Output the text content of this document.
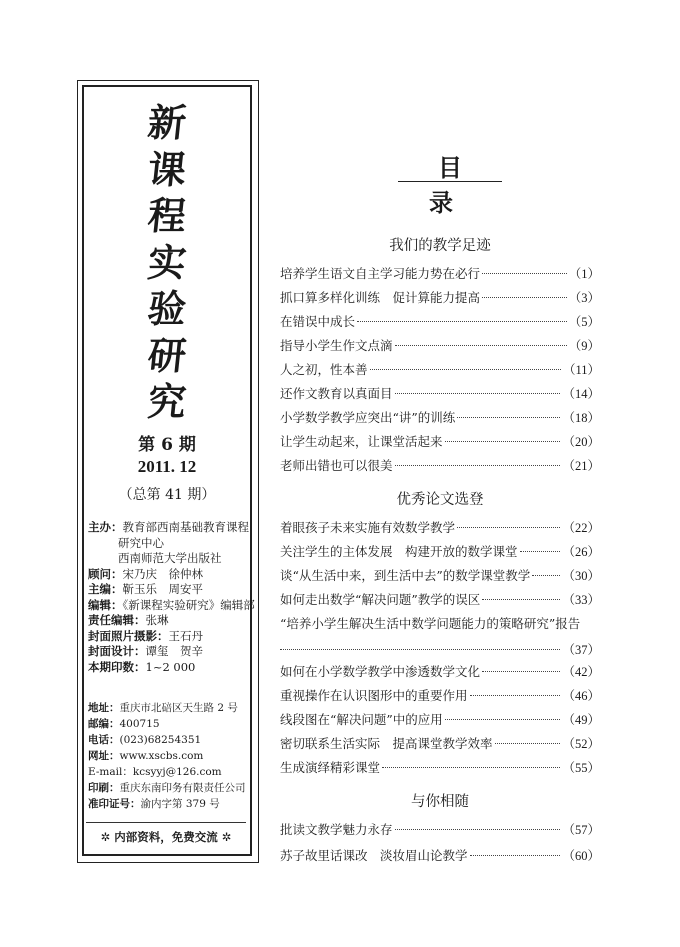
新
课
程
实
验
研
究
第 6 期
2011. 12
（总第 41 期）
主办：教育部西南基础教育课程
研究中心
西南师范大学出版社
顾问：宋乃庆　徐仲林
主编：靳玉乐　周安平
编辑：《新课程实验研究》编辑部
责任编辑：张琳
封面照片摄影：王石丹
封面设计：谭玺　贺辛
本期印数：1~2 000
地址：重庆市北碚区天生路 2 号
邮编：400715
电话：(023)68254351
网址：www.xscbs.com
E-mail：kcsyyj@126.com
印刷：重庆东南印务有限责任公司
准印证号：渝内字第 379 号
✲ 内部资料，免费交流 ✲
目录
我们的教学足迹
培养学生语文自主学习能力势在必行	（1）
抓口算多样化训练　促计算能力提高	（3）
在错误中成长	（5）
指导小学生作文点滴	（9）
人之初，性本善	（11）
还作文教育以真面目	（14）
小学数学教学应突出“讲”的训练	（18）
让学生动起来，让课堂活起来	（20）
老师出错也可以很美	（21）
优秀论文选登
着眼孩子未来实施有效数学教学	（22）
关注学生的主体发展　构建开放的数学课堂	（26）
谈“从生活中来，到生活中去”的数学课堂教学	（30）
如何走出数学“解决问题”教学的误区	（33）
“培养小学生解决生活中数学问题能力的策略研究”报告
（37）
如何在小学数学教学中渗透数学文化	（42）
重视操作在认识图形中的重要作用	（46）
线段图在“解决问题”中的应用	（49）
密切联系生活实际　提高课堂教学效率	（52）
生成演绎精彩课堂	（55）
与你相随
批读文教学魅力永存	（57）
苏子故里话课改　淡妆眉山论教学	（60）
